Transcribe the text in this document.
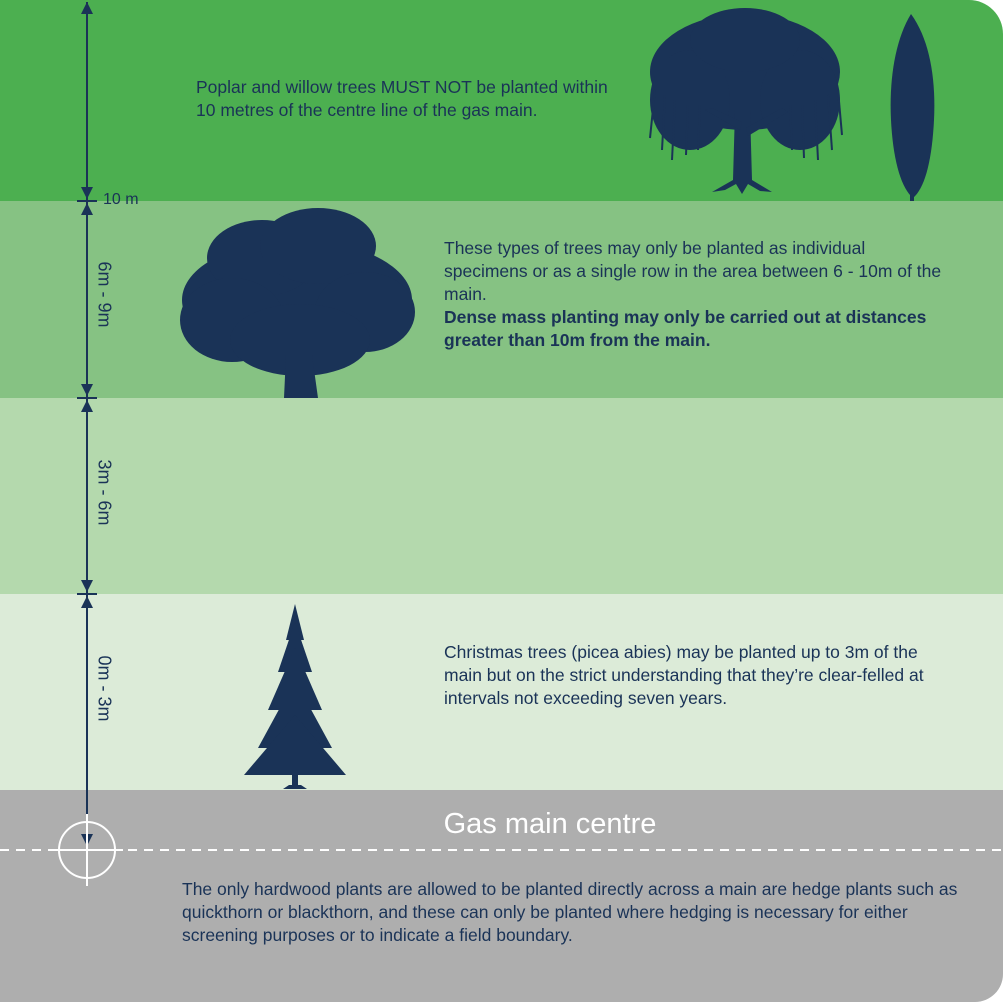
6m - 9m
3m - 6m
0m - 3m
10 m
Poplar and willow trees MUST NOT be planted within 10 metres of the centre line of the gas main.
These types of trees may only be planted as individual specimens or as a single row in the area between 6 - 10m of the main.
Dense mass planting may only be carried out at distances greater than 10m from the main.
Christmas trees (picea abies) may be planted up to 3m of the main but on the strict understanding that they’re clear-felled at intervals not exceeding seven years.
Gas main centre
The only hardwood plants are allowed to be planted directly across a main are hedge plants such as quickthorn or blackthorn, and these can only be planted where hedging is necessary for either screening purposes or to indicate a field boundary.
